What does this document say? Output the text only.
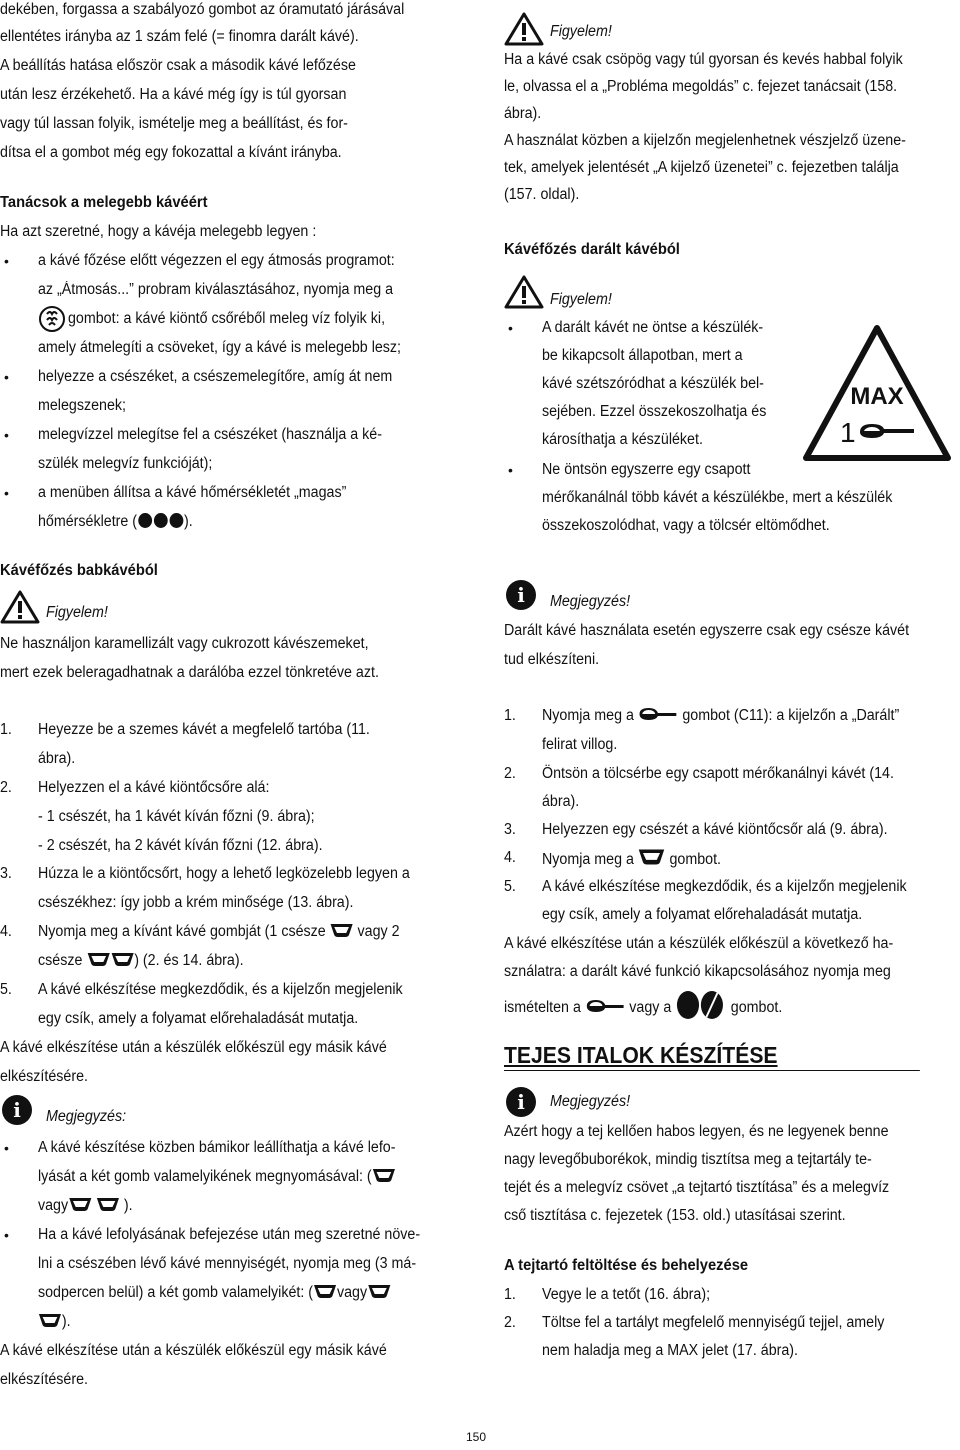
dekében, forgassa a szabályozó gombot az óramutató járásával
ellentétes irányba az 1 szám felé (= finomra darált kávé).
A beállítás hatása először csak a második kávé lefőzése
után lesz érzékehető. Ha a kávé még így is túl gyorsan
vagy túl lassan folyik, ismételje meg a beállítást, és for-
dítsa el a gombot még egy fokozattal a kívánt irányba.
Tanácsok a melegebb kávéért
Ha azt szeretné, hogy a kávéja melegebb legyen :
• a kávé főzése előtt végezzen el egy átmosás programot:
az „Átmosás...” probram kiválasztásához, nyomja meg a
gombot: a kávé kiöntő csőréből meleg víz folyik ki,
amely átmelegíti a csöveket, így a kávé is melegebb lesz;
• helyezze a csészéket, a csészemelegítőre, amíg át nem
melegszenek;
• melegvízzel melegítse fel a csészéket (használja a ké-
szülék melegvíz funkcióját);
• a menüben állítsa a kávé hőmérsékletét „magas”
hőmérsékletre (	).
Kávéfőzés babkávéból
Figyelem!
Ne használjon karamellizált vagy cukrozott kávészemeket,
mert ezek beleragadhatnak a darálóba ezzel tönkretéve azt.
1. Heyezze be a szemes kávét a megfelelő tartóba (11.
ábra).
2. Helyezzen el a kávé kiöntőcsőre alá:
- 1 csészét, ha 1 kávét kíván főzni (9. ábra);
- 2 csészét, ha 2 kávét kíván főzni (12. ábra).
3. Húzza le a kiöntőcsőrt, hogy a lehető legközelebb legyen a
csészékhez: így jobb a krém minősége (13. ábra).
4. Nyomja meg a kívánt kávé gombját (1 csésze vagy 2
csésze	) (2. és 14. ábra).
5. A kávé elkészítése megkezdődik, és a kijelzőn megjelenik
egy csík, amely a folyamat előrehaladását mutatja.
A kávé elkészítése után a készülék előkészül egy másik kávé
elkészítésére.
i	Megjegyzés:
• A kávé készítése közben bámikor leállíthatja a kávé lefo-
lyását a két gomb valamelyikének megnyomásával: (
vagy	).
• Ha a kávé lefolyásának befejezése után meg szeretné növe-
lni a csészében lévő kávé mennyiségét, nyomja meg (3 má-
sodpercen belül) a két gomb valamelyikét: ( vagy
).
A kávé elkészítése után a készülék előkészül egy másik kávé
elkészítésére.
Figyelem!
Ha a kávé csak csöpög vagy túl gyorsan és kevés habbal folyik
le, olvassa el a „Probléma megoldás” c. fejezet tanácsait (158.
ábra).
A használat közben a kijelzőn megjelenhetnek vészjelző üzene-
tek, amelyek jelentését „A kijelző üzenetei” c. fejezetben találja
(157. oldal).
Kávéfőzés darált kávéból
Figyelem!
• A darált kávét ne öntse a készülék-
be kikapcsolt állapotban, mert a
kávé szétszóródhat a készülék bel-
sejében. Ezzel összekoszolhatja és
károsíthatja a készüléket.
MAX
1
• Ne öntsön egyszerre egy csapott
mérőkanálnál több kávét a készülékbe, mert a készülék
összekoszolódhat, vagy a tölcsér eltömődhet.
i	Megjegyzés!
Darált kávé használata esetén egyszerre csak egy csésze kávét
tud elkészíteni.
1. Nyomja meg a	gombot (C11): a kijelzőn a „Darált”
felirat villog.
2. Öntsön a tölcsérbe egy csapott mérőkanálnyi kávét (14.
ábra).
3. Helyezzen egy csészét a kávé kiöntőcsőr alá (9. ábra).
4. Nyomja meg a gombot.
5. A kávé elkészítése megkezdődik, és a kijelzőn megjelenik
egy csík, amely a folyamat előrehaladását mutatja.
A kávé elkészítése után a készülék előkészül a következő ha-
sználatra: a darált kávé funkció kikapcsolásához nyomja meg
ismételten a	vagy a	gombot.
TEJES ITALOK KÉSZÍTÉSE
i	Megjegyzés!
Azért hogy a tej kellően habos legyen, és ne legyenek benne
nagy levegőbuborékok, mindig tisztítsa meg a tejtartály te-
tejét és a melegvíz csövet „a tejtartó tisztítása” és a melegvíz
cső tisztítása c. fejezetek (153. old.) utasításai szerint.
A tejtartó feltöltése és behelyezése
1. Vegye le a tetőt (16. ábra);
2. Töltse fel a tartályt megfelelő mennyiségű tejjel, amely
nem haladja meg a MAX jelet (17. ábra).
150
